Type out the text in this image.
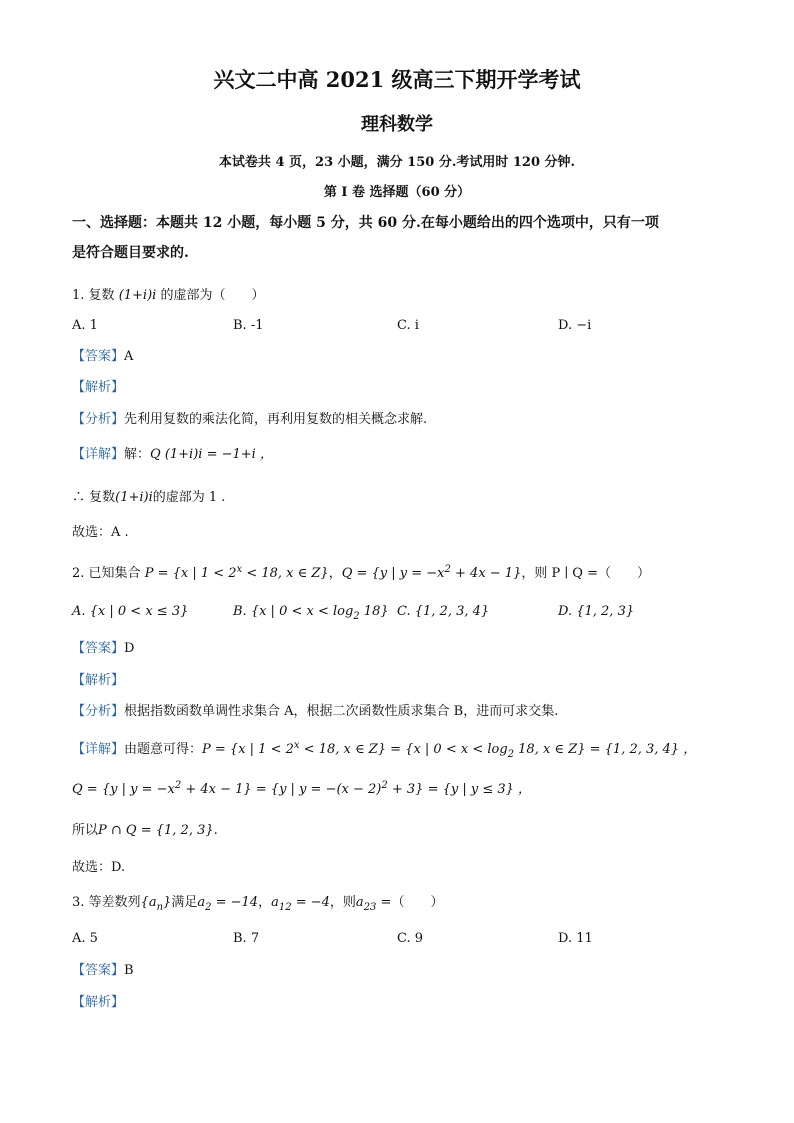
兴文二中高 2021 级高三下期开学考试
理科数学
本试卷共 4 页，23 小题，满分 150 分.考试用时 120 分钟.
第 I 卷 选择题（60 分）
一、选择题：本题共 12 小题，每小题 5 分，共 60 分.在每小题给出的四个选项中，只有一项
是符合题目要求的.
1. 复数 (1+i)i 的虚部为（　　）
A. 1	B. -1	C. i	D. −i
【答案】A
【解析】
【分析】先利用复数的乘法化简，再利用复数的相关概念求解.
【详解】解：Q (1+i)i = −1+i ，
∴ 复数(1+i)i的虚部为 1 .
故选：A .
2. 已知集合 P = {x | $1 < 2^x < 18$, x ∈ Z}，Q = {y | $y = -x^2 + 4x - 1$}，则 P ∣ Q =（　　）
A. {x | 0 < x ≤ 3}	B. {x | $0 < x < \log_2 18$} C. {1, 2, 3, 4}	D. {1, 2, 3}
【答案】D
【解析】
【分析】根据指数函数单调性求集合 A，根据二次函数性质求集合 B，进而可求交集.
【详解】由题意可得：P = {x | $1 < 2^x < 18$, x ∈ Z} = {x | $0 < x < \log_2 18$, x ∈ Z} = {1, 2, 3, 4} ，
Q = {y | $y = -x^2 + 4x - 1\} = \{y$ | $y = -(x - 2)^2 + 3\} = \{y$ | y ≤ 3} ，
所以P ∩ Q = {1, 2, 3}.
故选：D.
3. 等差数列$\{a_n\}$满足$a_2 = -14$，$a_{12} = -4$，则$a_{23}$ =（　　）
A. 5	B. 7	C. 9	D. 11
【答案】B
【解析】
